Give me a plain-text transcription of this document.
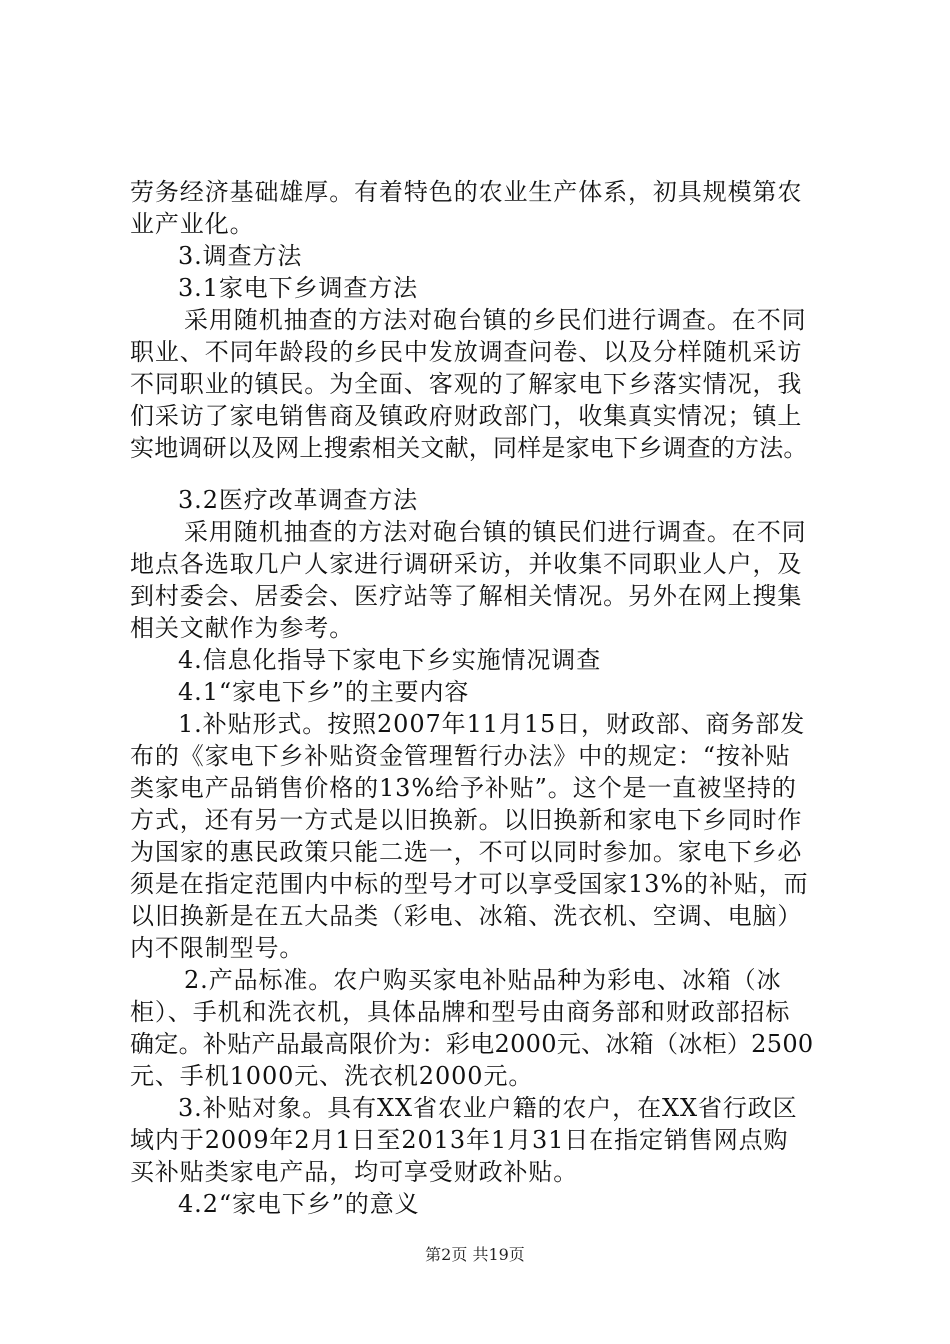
劳务经济基础雄厚。有着特色的农业生产体系，初具规模第农
业产业化。
3.调查方法
3.1家电下乡调查方法
采用随机抽查的方法对砲台镇的乡民们进行调查。在不同
职业、不同年龄段的乡民中发放调查问卷、以及分样随机采访
不同职业的镇民。为全面、客观的了解家电下乡落实情况，我
们采访了家电销售商及镇政府财政部门，收集真实情况；镇上
实地调研以及网上搜索相关文献，同样是家电下乡调查的方法。
3.2医疗改革调查方法
采用随机抽查的方法对砲台镇的镇民们进行调查。在不同
地点各选取几户人家进行调研采访，并收集不同职业人户，及
到村委会、居委会、医疗站等了解相关情况。另外在网上搜集
相关文献作为参考。
4.信息化指导下家电下乡实施情况调查
4.1“家电下乡”的主要内容
1.补贴形式。按照2007年11月15日，财政部、商务部发
布的《家电下乡补贴资金管理暂行办法》中的规定：“按补贴
类家电产品销售价格的13%给予补贴”。这个是一直被坚持的
方式，还有另一方式是以旧换新。以旧换新和家电下乡同时作
为国家的惠民政策只能二选一，不可以同时参加。家电下乡必
须是在指定范围内中标的型号才可以享受国家13%的补贴，而
以旧换新是在五大品类（彩电、冰箱、洗衣机、空调、电脑）
内不限制型号。
2.产品标准。农户购买家电补贴品种为彩电、冰箱（冰
柜）、手机和洗衣机，具体品牌和型号由商务部和财政部招标
确定。补贴产品最高限价为：彩电2000元、冰箱（冰柜）2500
元、手机1000元、洗衣机2000元。
3.补贴对象。具有XX省农业户籍的农户，在XX省行政区
域内于2009年2月1日至2013年1月31日在指定销售网点购
买补贴类家电产品，均可享受财政补贴。
4.2“家电下乡”的意义
第2页 共19页
